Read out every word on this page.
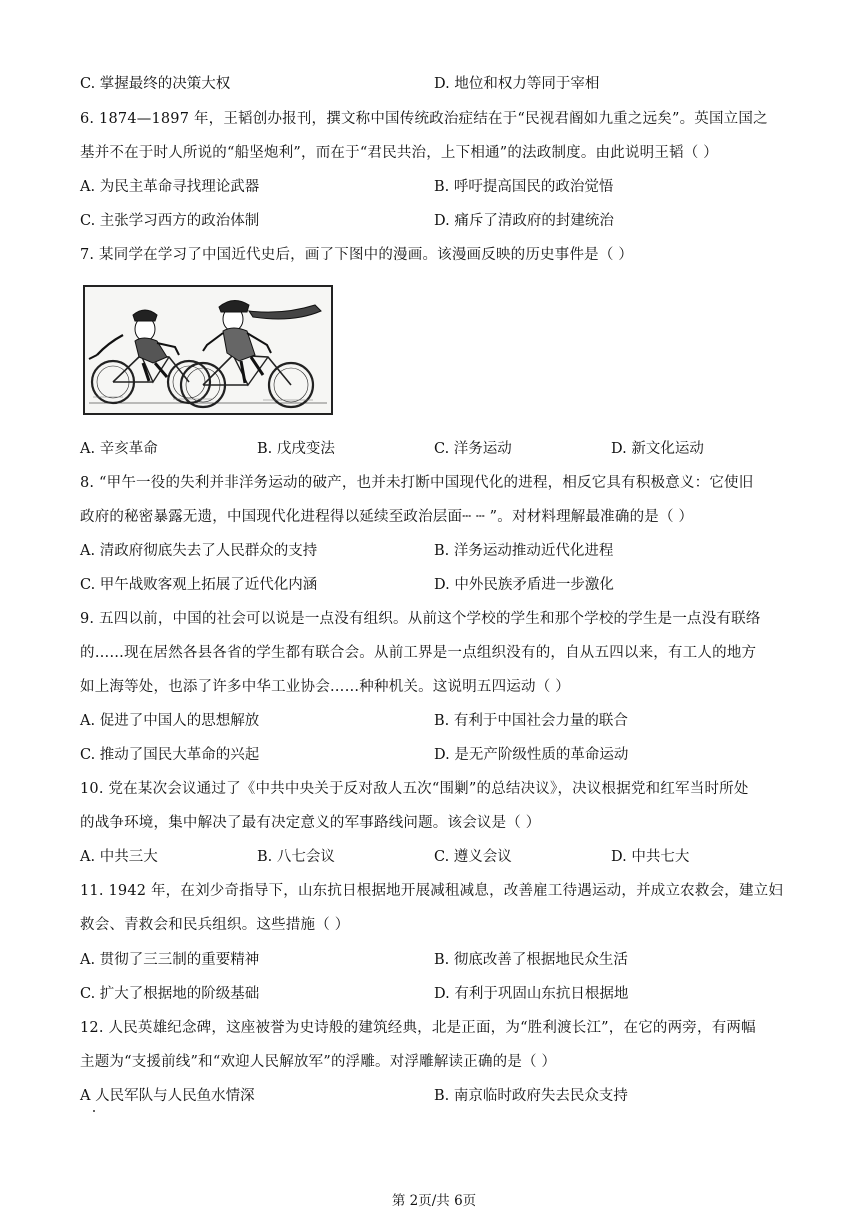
C. 掌握最终的决策大权	D. 地位和权力等同于宰相
6. 1874—1897 年，王韬创办报刊，撰文称中国传统政治症结在于“民视君阍如九重之远矣”。英国立国之
基并不在于时人所说的“船坚炮利”，而在于“君民共治，上下相通”的法政制度。由此说明王韬（ ）
A. 为民主革命寻找理论武器	B. 呼吁提高国民的政治觉悟
C. 主张学习西方的政治体制	D. 痛斥了清政府的封建统治
7. 某同学在学习了中国近代史后，画了下图中的漫画。该漫画反映的历史事件是（ ）
A. 辛亥革命	B. 戊戌变法	C. 洋务运动	D. 新文化运动
8. “甲午一役的失利并非洋务运动的破产，也并未打断中国现代化的进程，相反它具有积极意义：它使旧
政府的秘密暴露无遗，中国现代化进程得以延续至政治层面┄ ┄ ”。对材料理解最准确的是（ ）
A. 清政府彻底失去了人民群众的支持	B. 洋务运动推动近代化进程
C. 甲午战败客观上拓展了近代化内涵	D. 中外民族矛盾进一步激化
9. 五四以前，中国的社会可以说是一点没有组织。从前这个学校的学生和那个学校的学生是一点没有联络
的……现在居然各县各省的学生都有联合会。从前工界是一点组织没有的，自从五四以来，有工人的地方
如上海等处，也添了许多中华工业协会……种种机关。这说明五四运动（ ）
A. 促进了中国人的思想解放	B. 有利于中国社会力量的联合
C. 推动了国民大革命的兴起	D. 是无产阶级性质的革命运动
10. 党在某次会议通过了《中共中央关于反对敌人五次“围剿”的总结决议》，决议根据党和红军当时所处
的战争环境，集中解决了最有决定意义的军事路线问题。该会议是（ ）
A. 中共三大	B. 八七会议	C. 遵义会议	D. 中共七大
11. 1942 年，在刘少奇指导下，山东抗日根据地开展减租减息，改善雇工待遇运动，并成立农救会，建立妇
救会、青救会和民兵组织。这些措施（ ）
A. 贯彻了三三制的重要精神	B. 彻底改善了根据地民众生活
C. 扩大了根据地的阶级基础	D. 有利于巩固山东抗日根据地
12. 人民英雄纪念碑，这座被誉为史诗般的建筑经典，北是正面，为“胜利渡长江”，在它的两旁，有两幅
主题为“支援前线”和“欢迎人民解放军”的浮雕。对浮雕解读正确的是（ ）
A 人民军队与人民鱼水情深	B. 南京临时政府失去民众支持
第 2页/共 6页
